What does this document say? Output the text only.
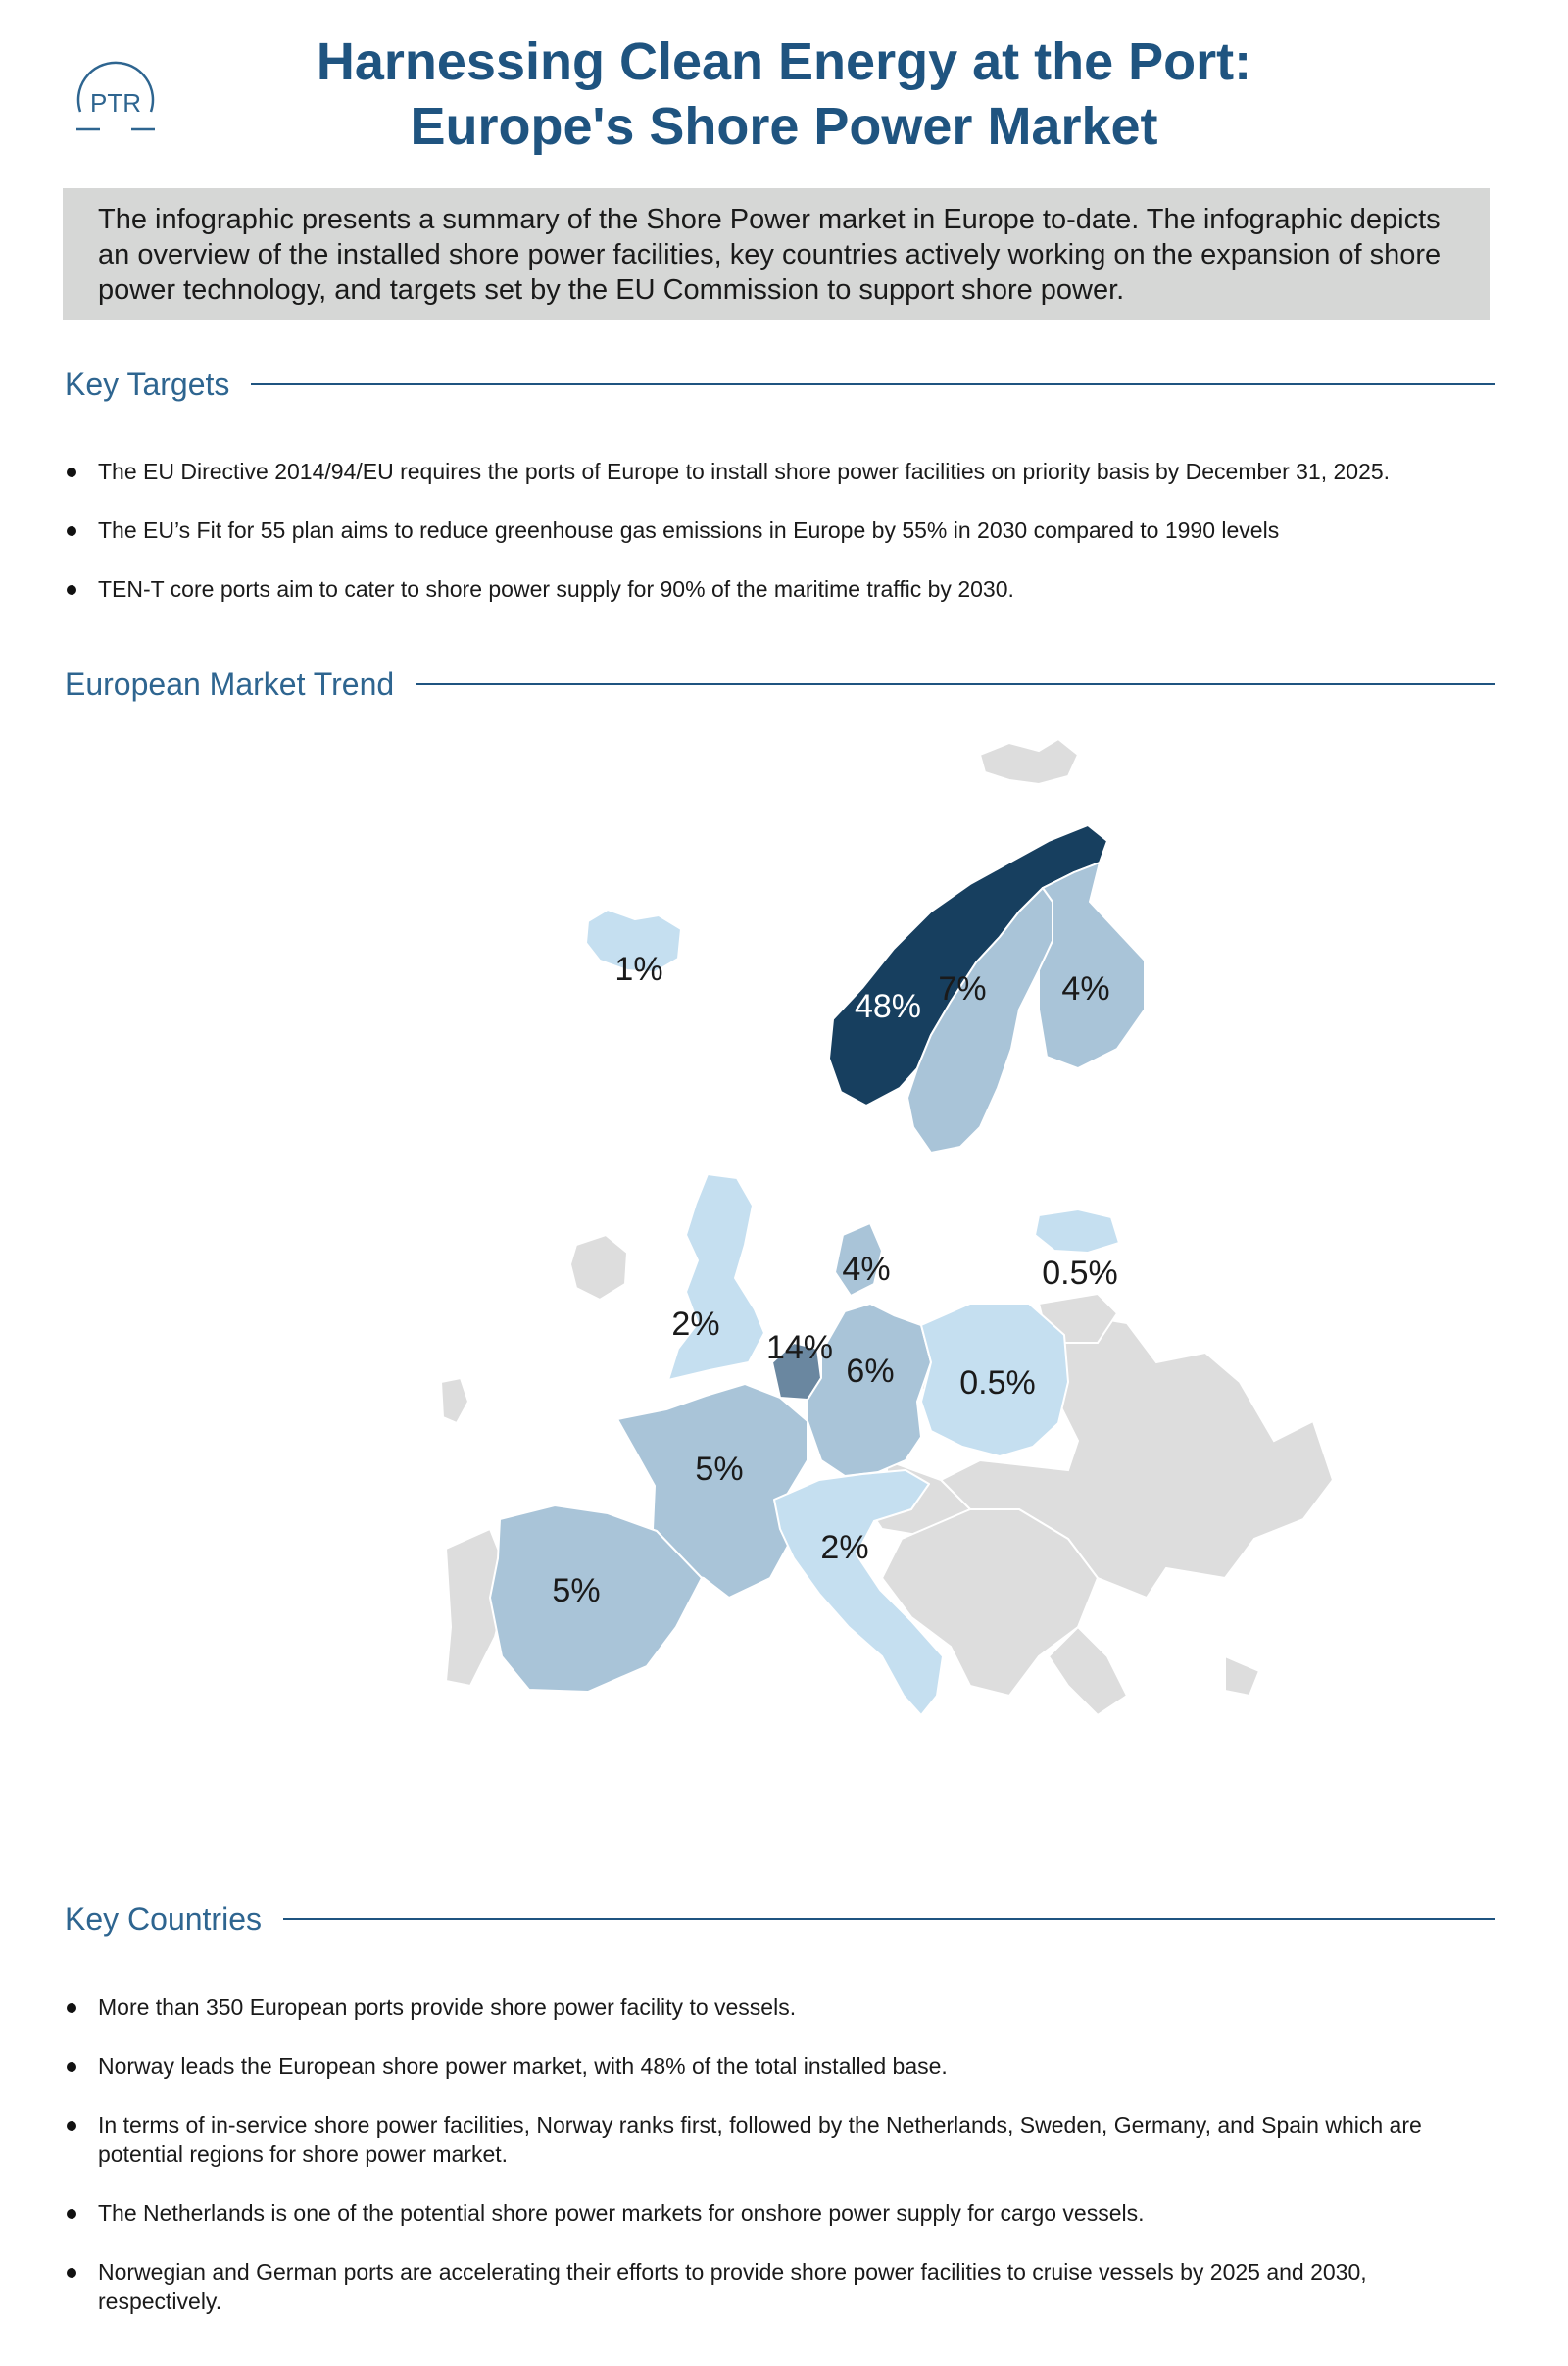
PTR
Harnessing Clean Energy at the Port:
Europe's Shore Power Market
The infographic presents a summary of the Shore Power market in Europe to-date. The infographic depicts an overview of the installed shore power facilities, key countries actively working on the expansion of shore power technology, and targets set by the EU Commission to support shore power.
Key Targets
The EU Directive 2014/94/EU requires the ports of Europe to install shore power facilities on priority basis by December 31, 2025.
The EU’s Fit for 55 plan aims to reduce greenhouse gas emissions in Europe by 55% in 2030 compared to 1990 levels
TEN-T core ports aim to cater to shore power supply for 90% of the maritime traffic by 2030.
European Market Trend
48%
14%
7%
6%
5%
5%
4%
4%
2%
2%
1%
0.5%
0.5%
Key Countries
More than 350 European ports provide shore power facility to vessels.
Norway leads the European shore power market, with 48% of the total installed base.
In terms of in-service shore power facilities, Norway ranks first, followed by the Netherlands, Sweden, Germany, and Spain which are potential regions for shore power market.
The Netherlands is one of the potential shore power markets for onshore power supply for cargo vessels.
Norwegian and German ports are accelerating their efforts to provide shore power facilities to cruise vessels by 2025 and 2030, respectively.
